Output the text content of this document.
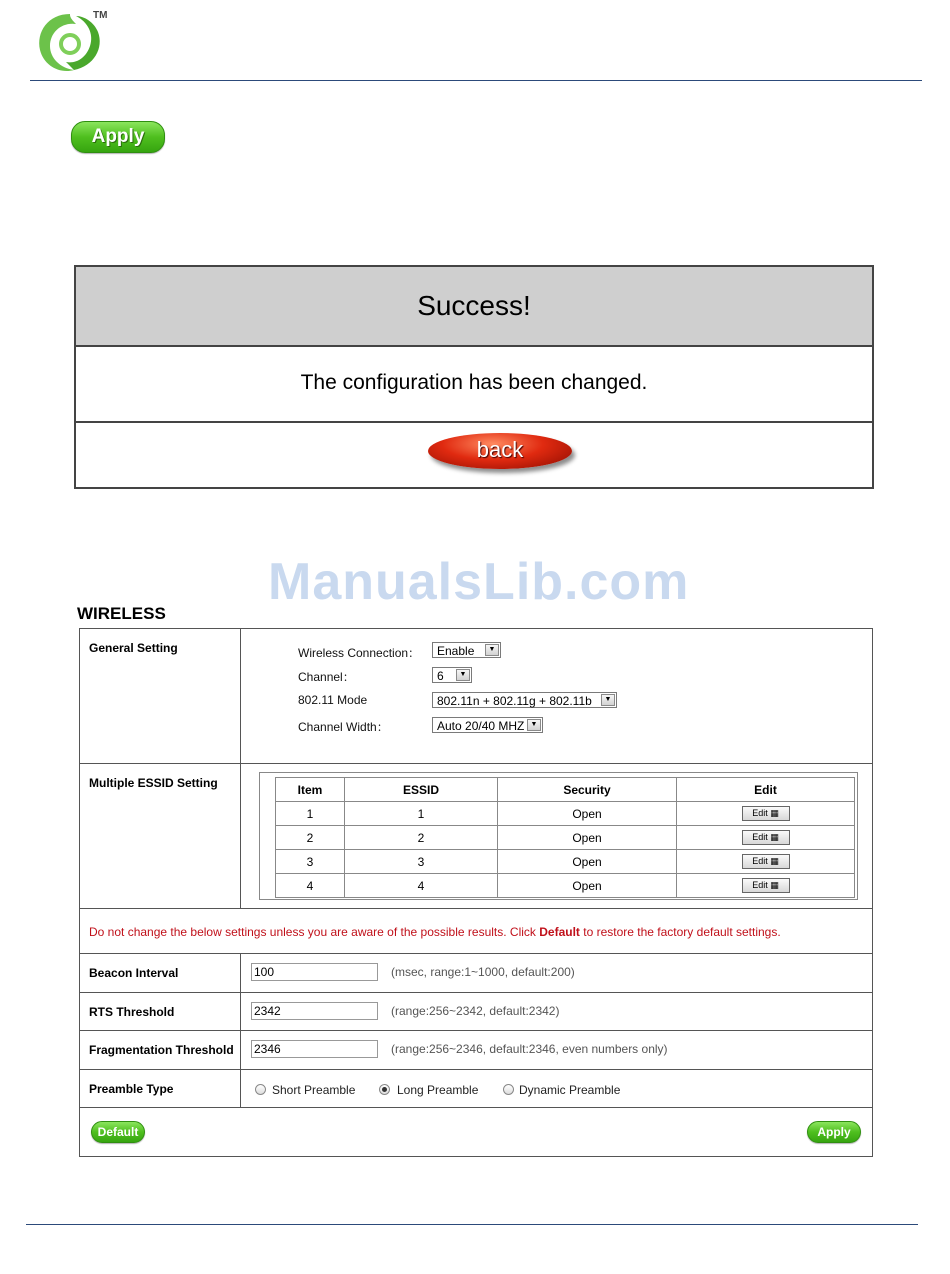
TM
Apply
Success!
The configuration has been changed.
back
ManualsLib.com
WIRELESS
General Setting	Wireless Connection：	Enable	▼
Channel：	6	▼
802.11 Mode	802.11n + 802.11g + 802.11b	▼
Channel Width：	Auto 20/40 MHZ ▼
Multiple ESSID Setting	Item	ESSID	Security	Edit
1	1	Open	Edit ▦
2	2	Open	Edit ▦
3	3	Open	Edit ▦
4	4	Open	Edit ▦
Do not change the below settings unless you are aware of the possible results. Click Default to restore the factory default settings.
Beacon Interval	100	(msec, range:1~1000, default:200)
RTS Threshold	2342	(range:256~2342, default:2342)
Fragmentation Threshold	2346	(range:256~2346, default:2346, even numbers only)
Preamble Type	Short Preamble	Long Preamble	Dynamic Preamble
Default	Apply
